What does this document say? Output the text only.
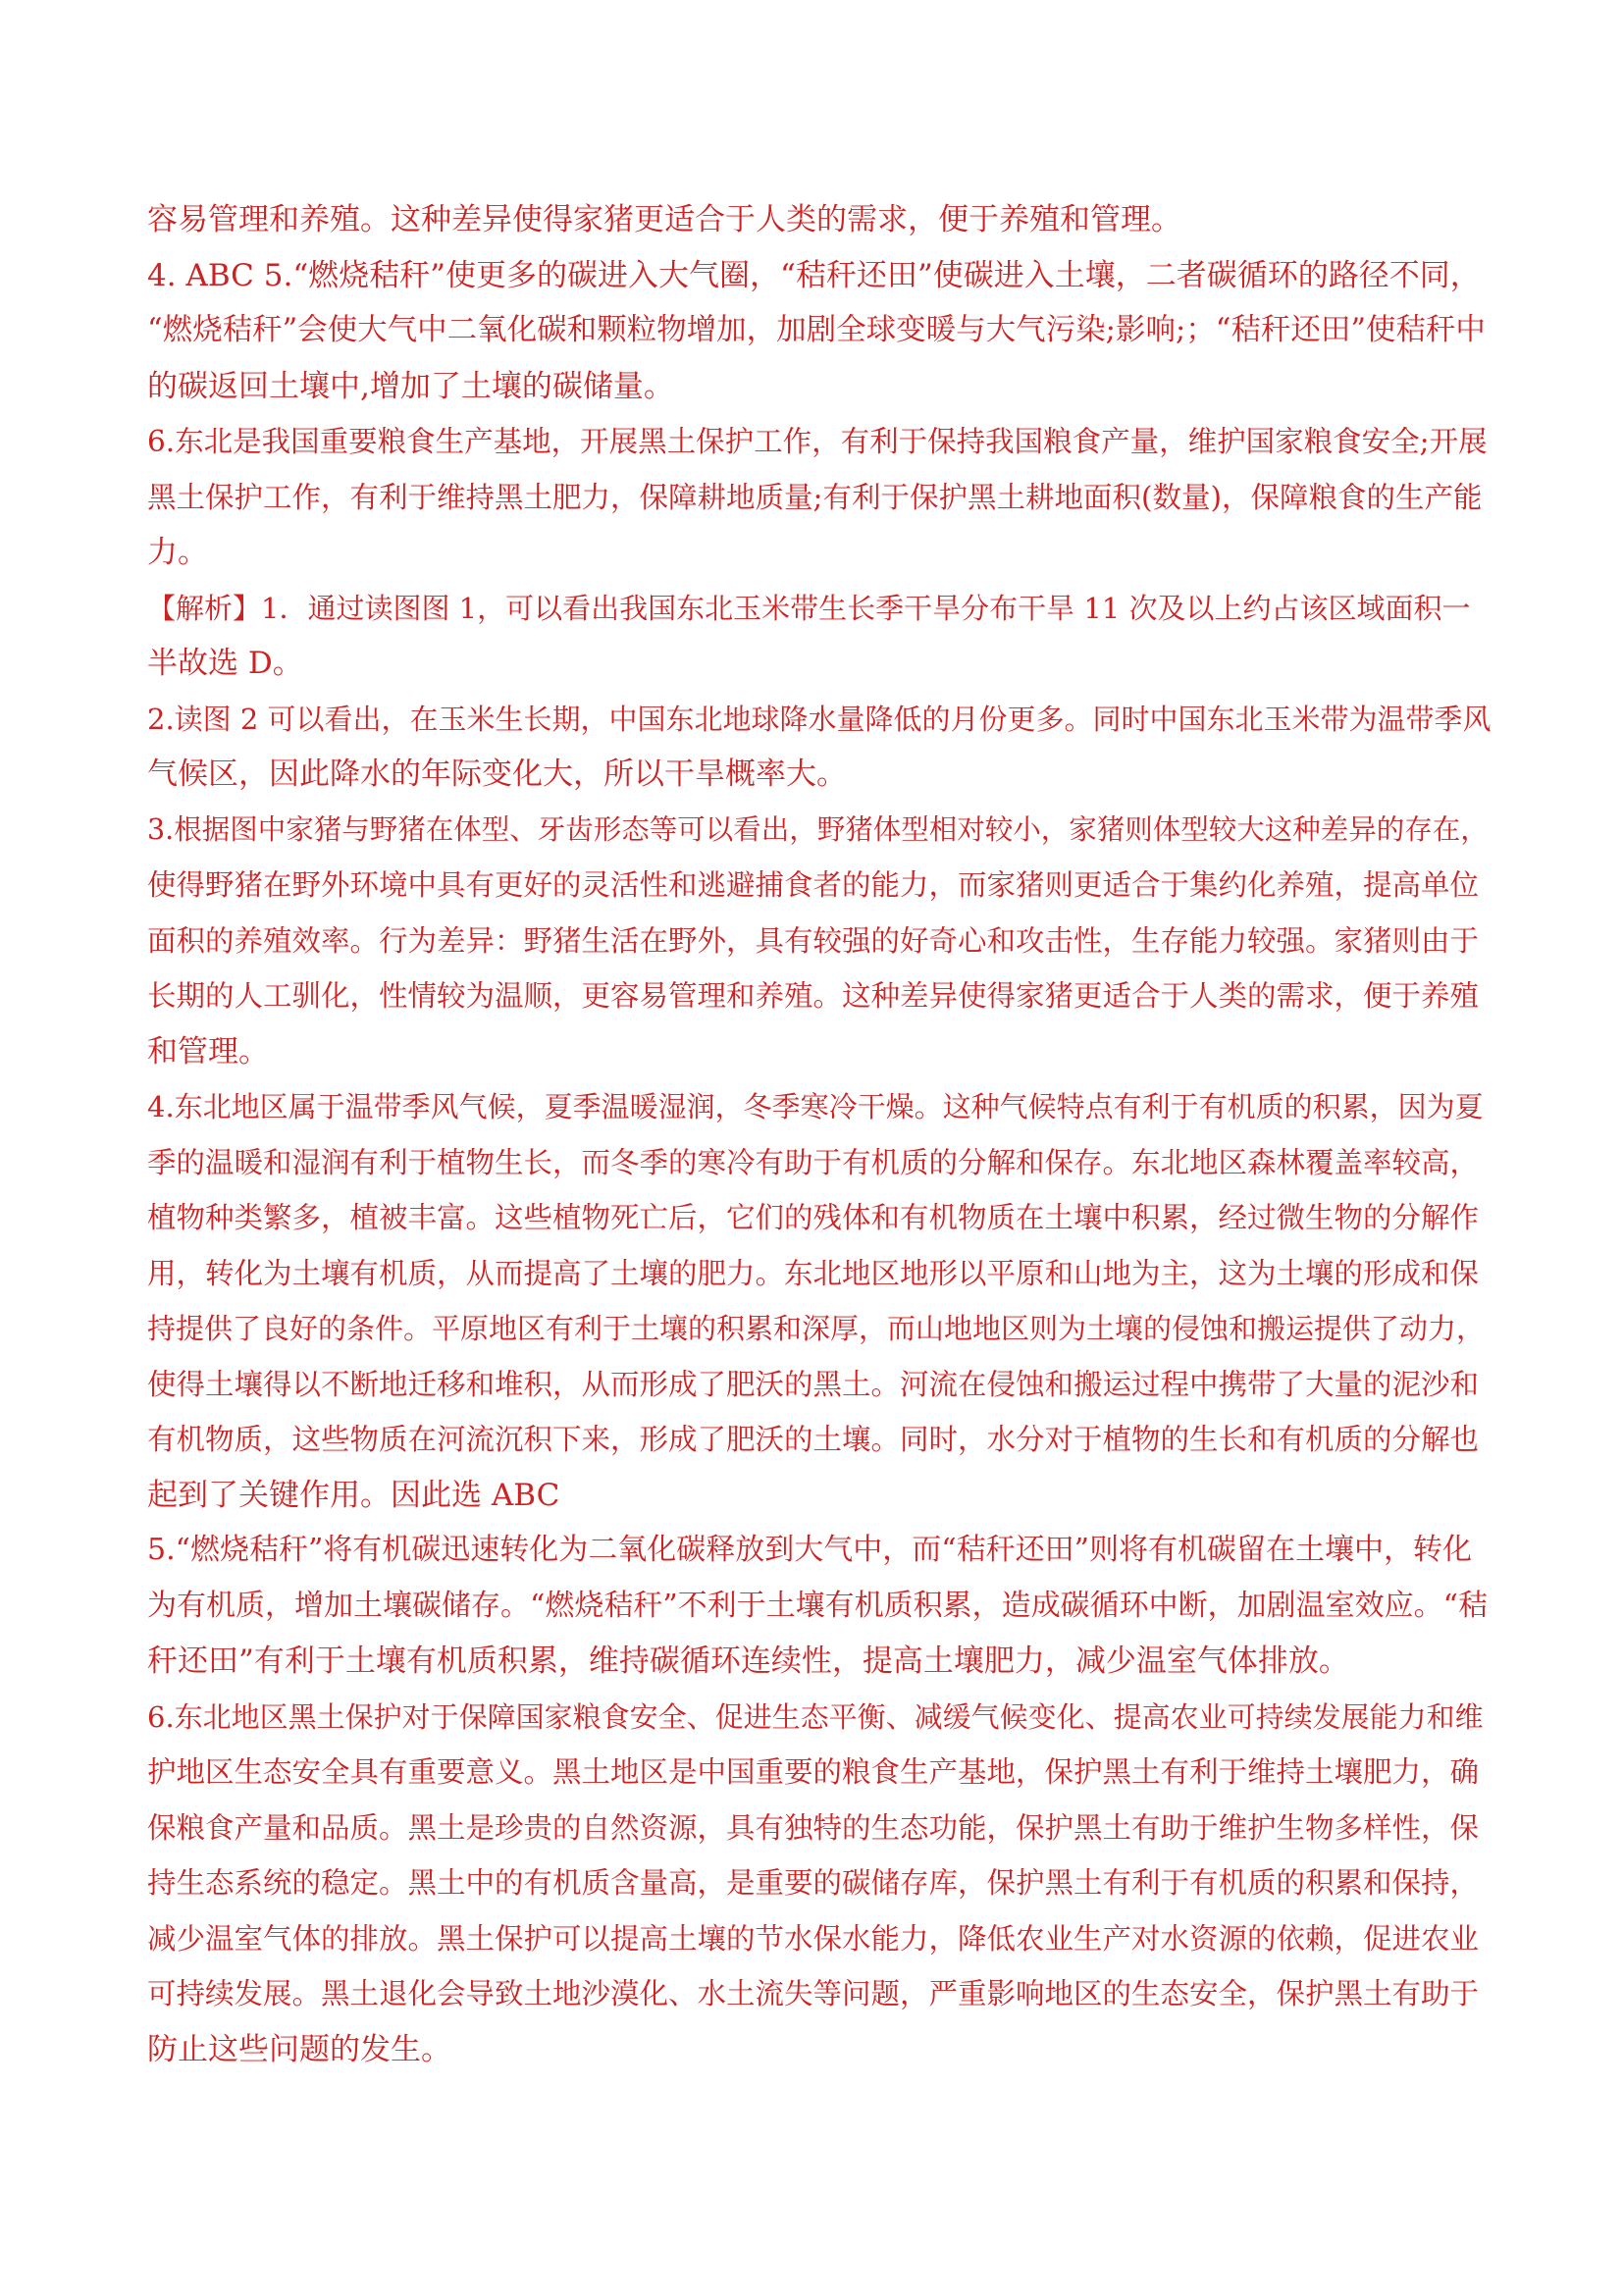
容易管理和养殖。这种差异使得家猪更适合于人类的需求，便于养殖和管理。
4. ABC 5.“燃烧秸秆”使更多的碳进入大气圈，“秸秆还田”使碳进入土壤，二者碳循环的路径不同，
“燃烧秸秆”会使大气中二氧化碳和颗粒物增加，加剧全球变暖与大气污染;影响;；“秸秆还田”使秸秆中
的碳返回土壤中,增加了土壤的碳储量。
6.东北是我国重要粮食生产基地，开展黑土保护工作，有利于保持我国粮食产量，维护国家粮食安全;开展
黑土保护工作，有利于维持黑土肥力，保障耕地质量;有利于保护黑土耕地面积(数量)，保障粮食的生产能
力。
【解析】1．通过读图图 1，可以看出我国东北玉米带生长季干旱分布干旱 11 次及以上约占该区域面积一
半故选 D。
2.读图 2 可以看出，在玉米生长期，中国东北地球降水量降低的月份更多。同时中国东北玉米带为温带季风
气候区，因此降水的年际变化大，所以干旱概率大。
3.根据图中家猪与野猪在体型、牙齿形态等可以看出，野猪体型相对较小，家猪则体型较大这种差异的存在，
使得野猪在野外环境中具有更好的灵活性和逃避捕食者的能力，而家猪则更适合于集约化养殖，提高单位
面积的养殖效率。行为差异：野猪生活在野外，具有较强的好奇心和攻击性，生存能力较强。家猪则由于
长期的人工驯化，性情较为温顺，更容易管理和养殖。这种差异使得家猪更适合于人类的需求，便于养殖
和管理。
4.东北地区属于温带季风气候，夏季温暖湿润，冬季寒冷干燥。这种气候特点有利于有机质的积累，因为夏
季的温暖和湿润有利于植物生长，而冬季的寒冷有助于有机质的分解和保存。东北地区森林覆盖率较高，
植物种类繁多，植被丰富。这些植物死亡后，它们的残体和有机物质在土壤中积累，经过微生物的分解作
用，转化为土壤有机质，从而提高了土壤的肥力。东北地区地形以平原和山地为主，这为土壤的形成和保
持提供了良好的条件。平原地区有利于土壤的积累和深厚，而山地地区则为土壤的侵蚀和搬运提供了动力，
使得土壤得以不断地迁移和堆积，从而形成了肥沃的黑土。河流在侵蚀和搬运过程中携带了大量的泥沙和
有机物质，这些物质在河流沉积下来，形成了肥沃的土壤。同时，水分对于植物的生长和有机质的分解也
起到了关键作用。因此选 ABC
5.“燃烧秸秆”将有机碳迅速转化为二氧化碳释放到大气中，而“秸秆还田”则将有机碳留在土壤中，转化
为有机质，增加土壤碳储存。“燃烧秸秆”不利于土壤有机质积累，造成碳循环中断，加剧温室效应。“秸
秆还田”有利于土壤有机质积累，维持碳循环连续性，提高土壤肥力，减少温室气体排放。
6.东北地区黑土保护对于保障国家粮食安全、促进生态平衡、减缓气候变化、提高农业可持续发展能力和维
护地区生态安全具有重要意义。黑土地区是中国重要的粮食生产基地，保护黑土有利于维持土壤肥力，确
保粮食产量和品质。黑土是珍贵的自然资源，具有独特的生态功能，保护黑土有助于维护生物多样性，保
持生态系统的稳定。黑土中的有机质含量高，是重要的碳储存库，保护黑土有利于有机质的积累和保持，
减少温室气体的排放。黑土保护可以提高土壤的节水保水能力，降低农业生产对水资源的依赖，促进农业
可持续发展。黑土退化会导致土地沙漠化、水土流失等问题，严重影响地区的生态安全，保护黑土有助于
防止这些问题的发生。
